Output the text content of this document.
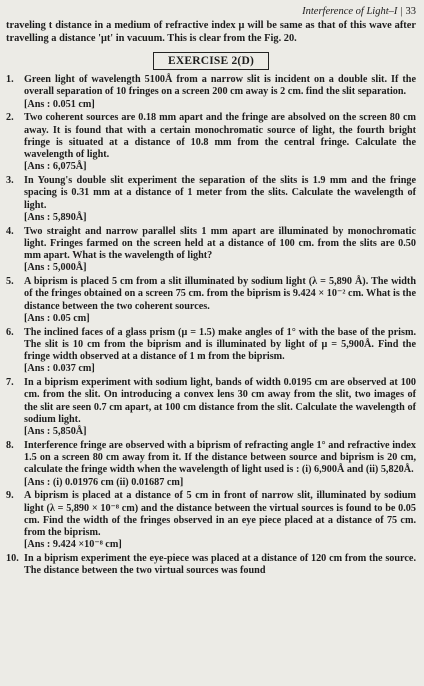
Interference of Light–I | 33
traveling t distance in a medium of refractive index μ will be same as that of this wave after travelling a distance 'μt' in vacuum. This is clear from the Fig. 20.
EXERCISE 2(D)
1.	Green light of wavelength 5100Å from a narrow slit is incident on a double slit. If the overall separation of 10 fringes on a screen 200 cm away is 2 cm. find the slit separation.
[Ans : 0.051 cm]
2.	Two coherent sources are 0.18 mm apart and the fringe are absolved on the screen 80 cm away. It is found that with a certain monochromatic source of light, the fourth bright fringe is situated at a distance of 10.8 mm from the central fringe. Calculate the wavelength of light.
[Ans : 6,075Å]
3.	In Young's double slit experiment the separation of the slits is 1.9 mm and the fringe spacing is 0.31 mm at a distance of 1 meter from the slits. Calculate the wavelength of light.
[Ans : 5,890Å]
4.	Two straight and narrow parallel slits 1 mm apart are illuminated by monochromatic light. Fringes farmed on the screen held at a distance of 100 cm. from the slits are 0.50 mm apart. What is the wavelength of light?
[Ans : 5,000Å]
5.	A biprism is placed 5 cm from a slit illuminated by sodium light (λ = 5,890 Å). The width of the fringes obtained on a screen 75 cm. from the biprism is 9.424 × 10⁻² cm. What is the distance between the two coherent sources.
[Ans : 0.05 cm]
6.	The inclined faces of a glass prism (μ = 1.5) make angles of 1° with the base of the prism. The slit is 10 cm from the biprism and is illuminated by light of μ = 5,900Å. Find the fringe width observed at a distance of 1 m from the biprism.
[Ans : 0.037 cm]
7.	In a biprism experiment with sodium light, bands of width 0.0195 cm are observed at 100 cm. from the slit. On introducing a convex lens 30 cm away from the slit, two images of the slit are seen 0.7 cm apart, at 100 cm distance from the slit. Calculate the wavelength of sodium light.
[Ans : 5,850Å]
8.	Interference fringe are observed with a biprism of refracting angle 1° and refractive index 1.5 on a screen 80 cm away from it. If the distance between source and biprism is 20 cm, calculate the fringe width when the wavelength of light used is : (i) 6,900Å and (ii) 5,820Å.
[Ans : (i) 0.01976 cm (ii) 0.01687 cm]
9.	A biprism is placed at a distance of 5 cm in front of narrow slit, illuminated by sodium light (λ = 5,890 × 10⁻⁸ cm) and the distance between the virtual sources is found to be 0.05 cm. Find the width of the fringes observed in an eye piece placed at a distance of 75 cm. from the biprism.
[Ans : 9.424 ×10⁻⁸ cm]
10. In a biprism experiment the eye-piece was placed at a distance of 120 cm from the source. The distance between the two virtual sources was found
